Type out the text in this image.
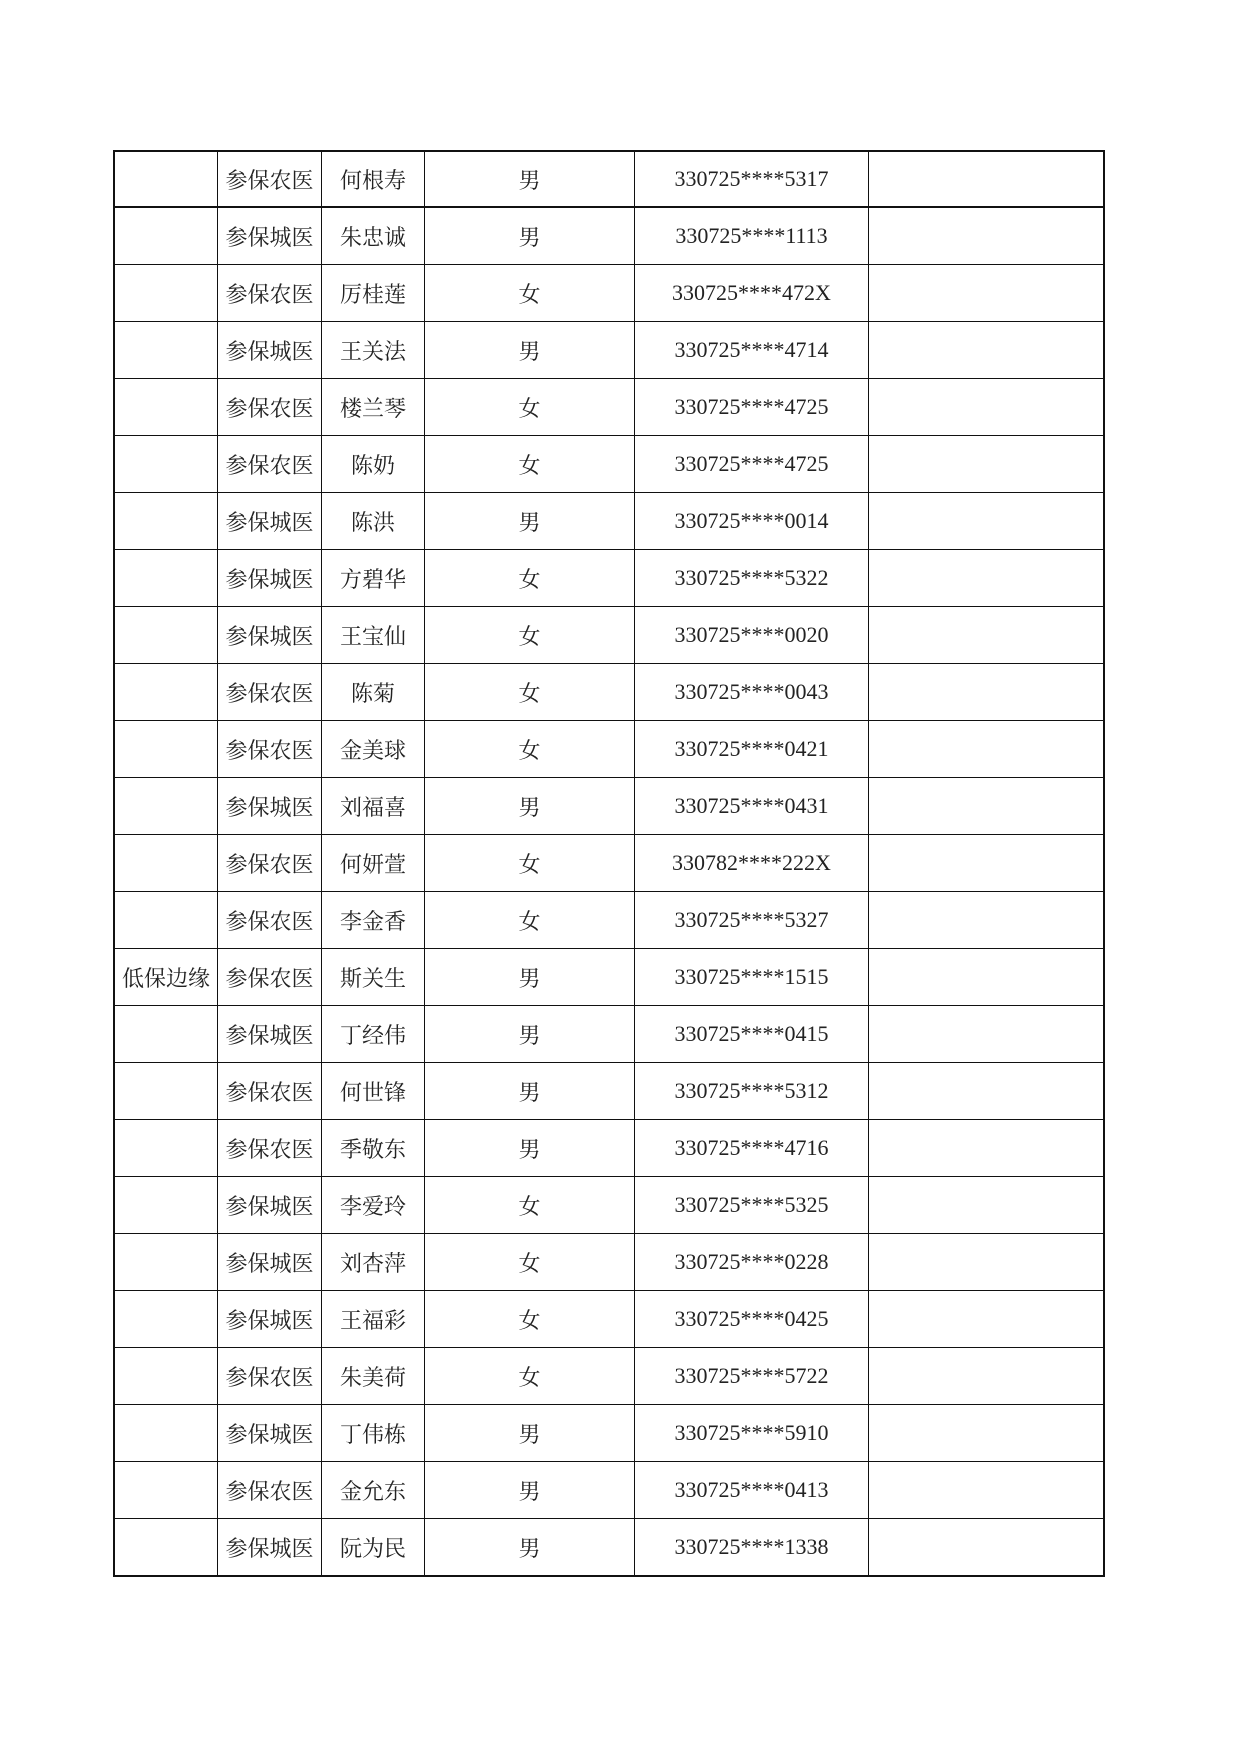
	参保农医	何根寿	男	330725****5317	
	参保城医	朱忠诚	男	330725****1113	
	参保农医	厉桂莲	女	330725****472X	
	参保城医	王关法	男	330725****4714	
	参保农医	楼兰琴	女	330725****4725	
	参保农医	陈奶	女	330725****4725	
	参保城医	陈洪	男	330725****0014	
	参保城医	方碧华	女	330725****5322	
	参保城医	王宝仙	女	330725****0020	
	参保农医	陈菊	女	330725****0043	
	参保农医	金美球	女	330725****0421	
	参保城医	刘福喜	男	330725****0431	
	参保农医	何妍萱	女	330782****222X	
	参保农医	李金香	女	330725****5327	
低保边缘	参保农医	斯关生	男	330725****1515	
	参保城医	丁经伟	男	330725****0415	
	参保农医	何世锋	男	330725****5312	
	参保农医	季敬东	男	330725****4716	
	参保城医	李爱玲	女	330725****5325	
	参保城医	刘杏萍	女	330725****0228	
	参保城医	王福彩	女	330725****0425	
	参保农医	朱美荷	女	330725****5722	
	参保城医	丁伟栋	男	330725****5910	
	参保农医	金允东	男	330725****0413	
	参保城医	阮为民	男	330725****1338	
